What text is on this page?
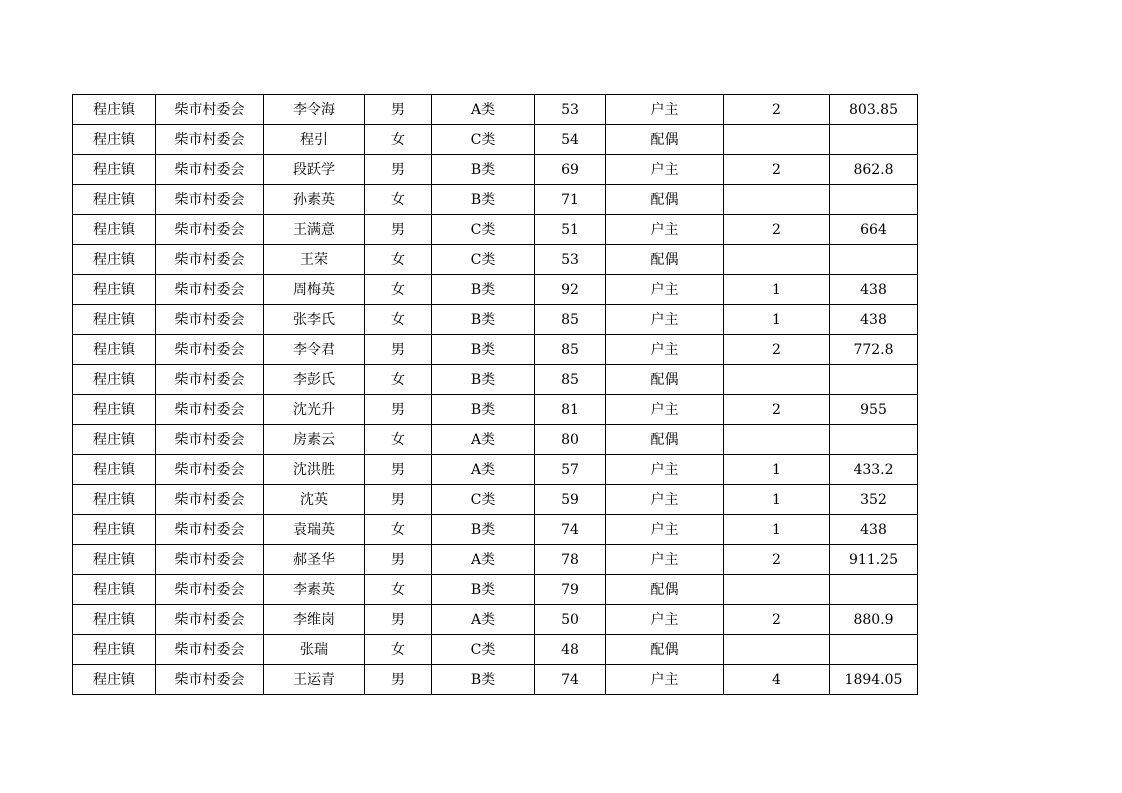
程庄镇	柴市村委会	李令海	男	A类	53	户主	2	803.85
程庄镇	柴市村委会	程引	女	C类	54	配偶		
程庄镇	柴市村委会	段跃学	男	B类	69	户主	2	862.8
程庄镇	柴市村委会	孙素英	女	B类	71	配偶		
程庄镇	柴市村委会	王满意	男	C类	51	户主	2	664
程庄镇	柴市村委会	王荣	女	C类	53	配偶		
程庄镇	柴市村委会	周梅英	女	B类	92	户主	1	438
程庄镇	柴市村委会	张李氏	女	B类	85	户主	1	438
程庄镇	柴市村委会	李令君	男	B类	85	户主	2	772.8
程庄镇	柴市村委会	李彭氏	女	B类	85	配偶		
程庄镇	柴市村委会	沈光升	男	B类	81	户主	2	955
程庄镇	柴市村委会	房素云	女	A类	80	配偶		
程庄镇	柴市村委会	沈洪胜	男	A类	57	户主	1	433.2
程庄镇	柴市村委会	沈英	男	C类	59	户主	1	352
程庄镇	柴市村委会	袁瑞英	女	B类	74	户主	1	438
程庄镇	柴市村委会	郝圣华	男	A类	78	户主	2	911.25
程庄镇	柴市村委会	李素英	女	B类	79	配偶		
程庄镇	柴市村委会	李维岗	男	A类	50	户主	2	880.9
程庄镇	柴市村委会	张瑞	女	C类	48	配偶		
程庄镇	柴市村委会	王运青	男	B类	74	户主	4	1894.05
